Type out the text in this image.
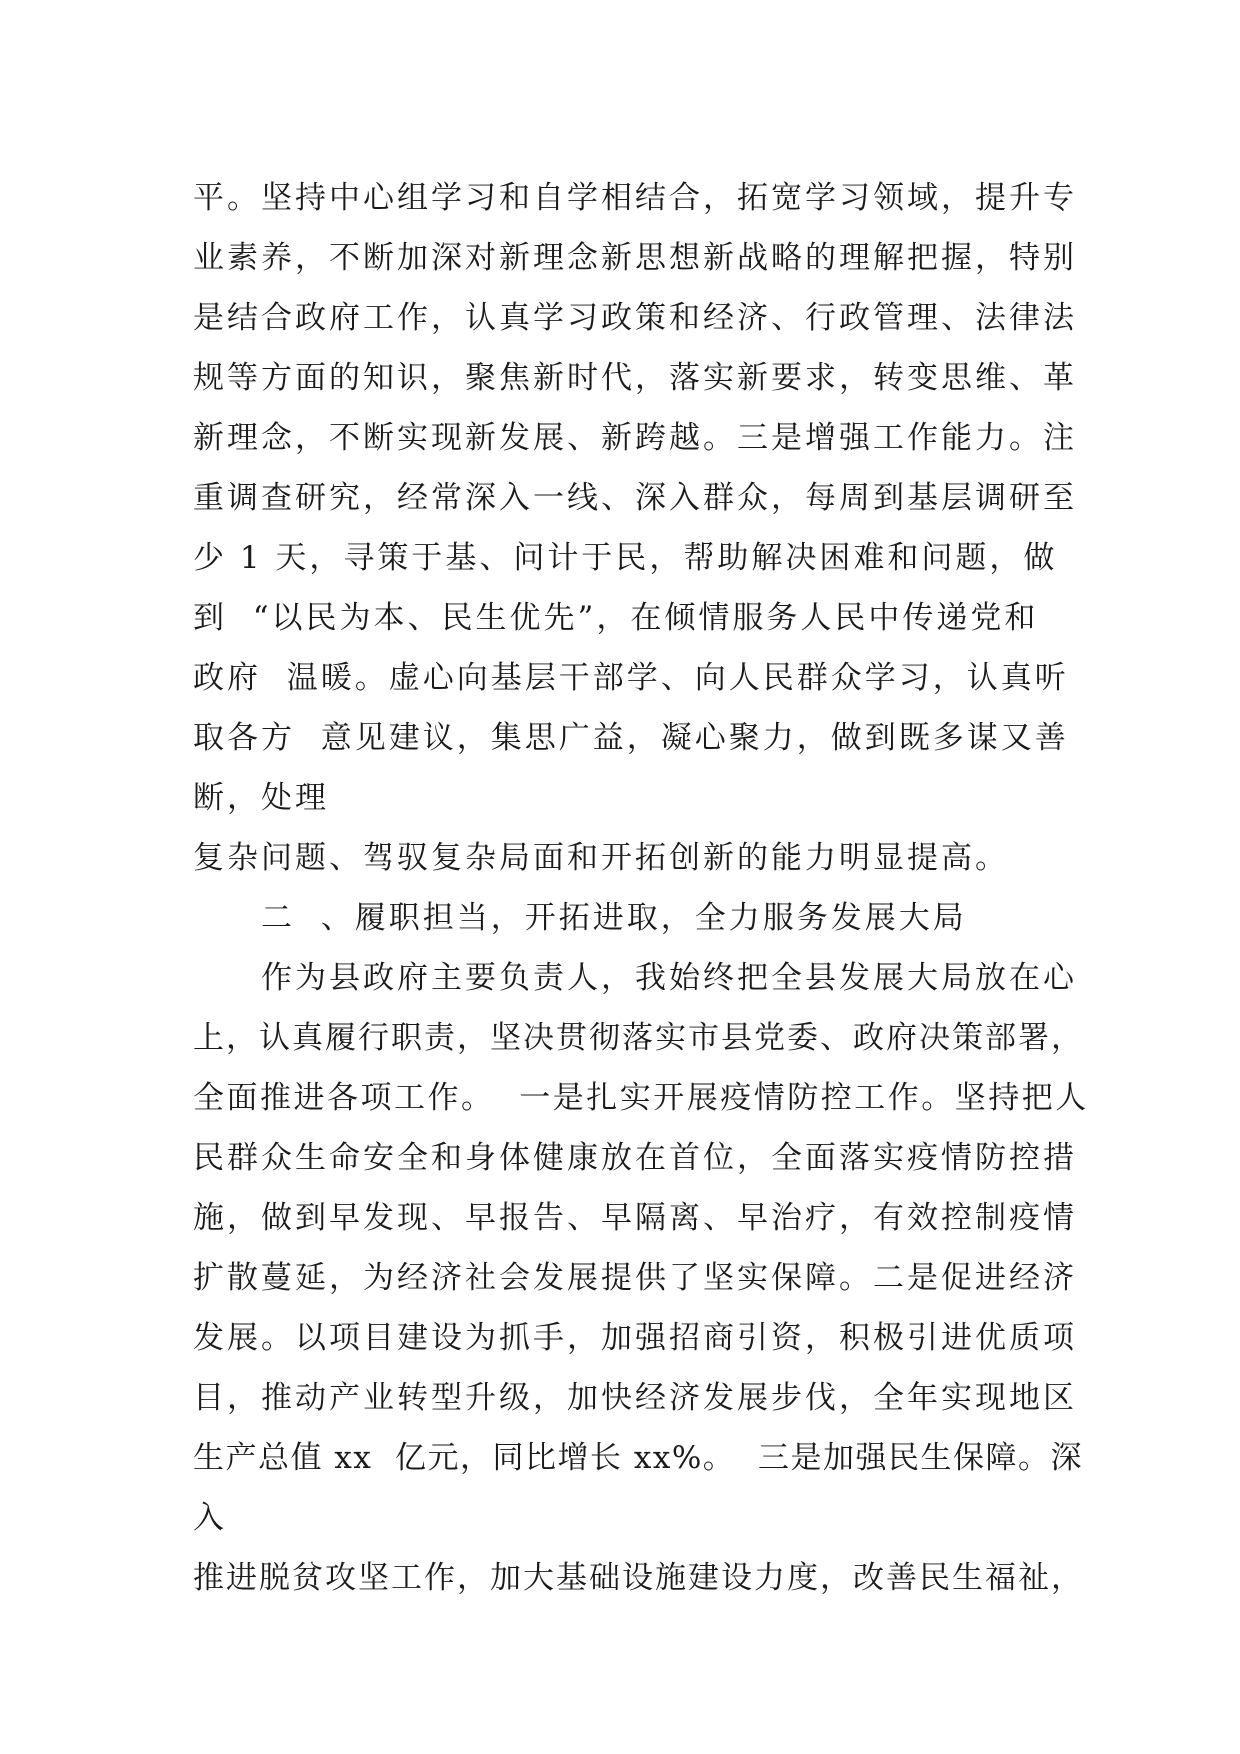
平。坚持中心组学习和自学相结合，拓宽学习领域，提升专
业素养，不断加深对新理念新思想新战略的理解把握，特别
是结合政府工作，认真学习政策和经济、行政管理、法律法
规等方面的知识，聚焦新时代，落实新要求，转变思维、革
新理念，不断实现新发展、新跨越。三是增强工作能力。注
重调查研究，经常深入一线、深入群众，每周到基层调研至
少 1 天，寻策于基、问计于民，帮助解决困难和问题，做
到  “以民为本、民生优先”，在倾情服务人民中传递党和
政府  温暖。虚心向基层干部学、向人民群众学习，认真听
取各方  意见建议，集思广益，凝心聚力，做到既多谋又善
断，处理
复杂问题、驾驭复杂局面和开拓创新的能力明显提高。
二  、履职担当，开拓进取，全力服务发展大局
作为县政府主要负责人，我始终把全县发展大局放在心
上，认真履行职责，坚决贯彻落实市县党委、政府决策部署，
全面推进各项工作。  一是扎实开展疫情防控工作。坚持把人
民群众生命安全和身体健康放在首位，全面落实疫情防控措
施，做到早发现、早报告、早隔离、早治疗，有效控制疫情
扩散蔓延，为经济社会发展提供了坚实保障。二是促进经济
发展。以项目建设为抓手，加强招商引资，积极引进优质项
目，推动产业转型升级，加快经济发展步伐，全年实现地区
生产总值 xx  亿元，同比增长 xx%。  三是加强民生保障。深
入
推进脱贫攻坚工作，加大基础设施建设力度，改善民生福祉，
